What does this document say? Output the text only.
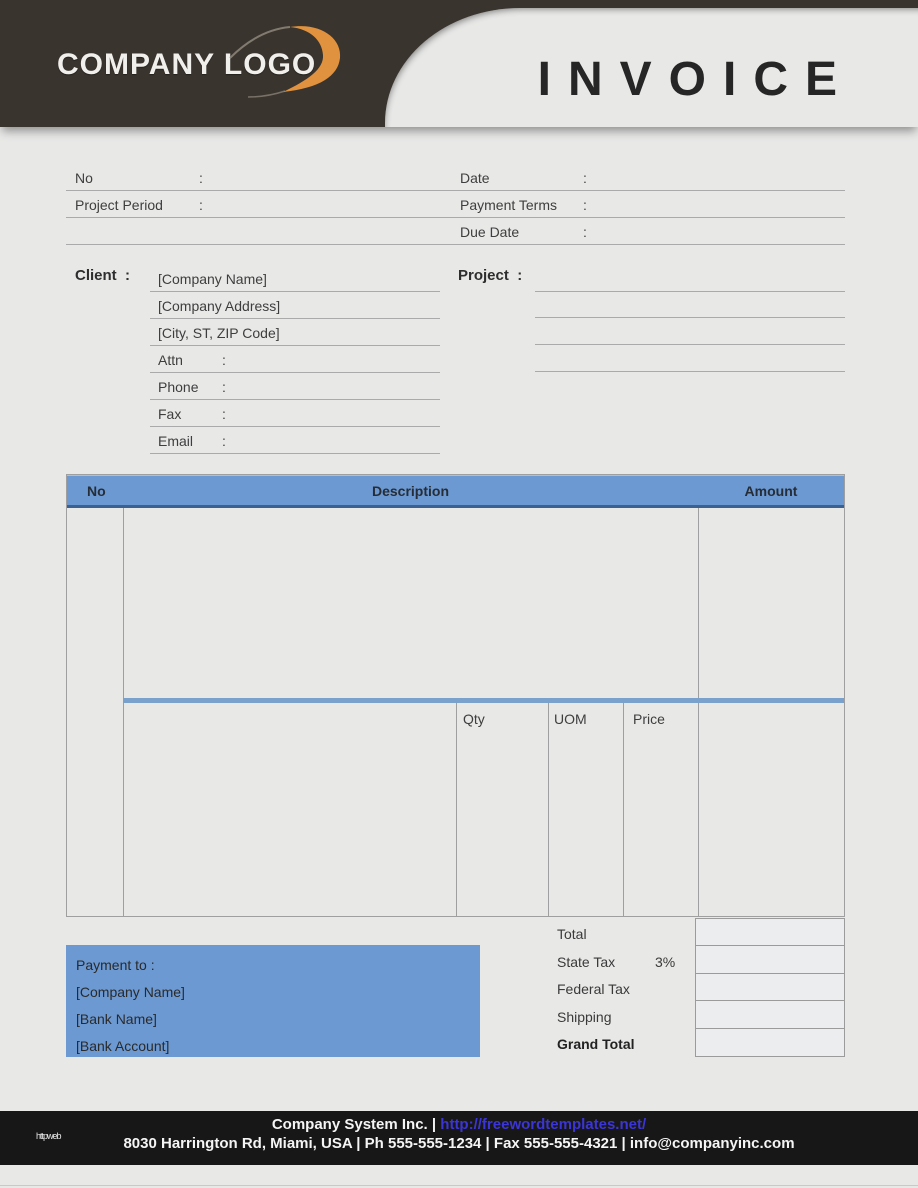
COMPANY LOGO	INVOICE
No	:	Date	:
Project Period	:	Payment Terms :
Due Date	:
Client : [Company Name]
[Company Address]
[City, ST, ZIP Code]
Attn	:
Phone :
Fax	:
Email :
Project :
No	Description	Amount
Qty	UOM	Price
Payment to :
[Company Name]
[Bank Name]
[Bank Account]
Total
State Tax	3%
Federal Tax
Shipping
Grand Total
Company System Inc. | http://freewordtemplates.net/
8030 Harrington Rd, Miami, USA | Ph 555-555-1234 | Fax 555-555-4321 | info@companyinc.com
httpweb
